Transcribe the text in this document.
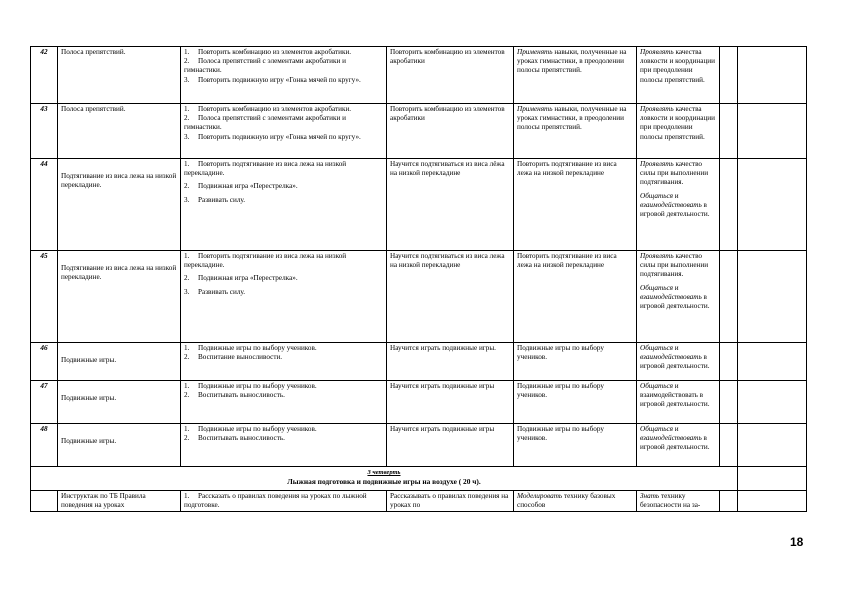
42	Полоса препятствий.	1. Повторить комбинацию из элементов акробатики.
2. Полоса препятствий с элементами акробатики и гимнастики.
3. Повторить подвижную игру «Гонка мячей по кругу».	Повторить комбинацию из элементов акробатики	Применять навыки, полученные на уроках гимнастики, в преодолении полосы препятствий.	Проявлять качества ловкости и координации при преодолении полосы препятствий.		

43	Полоса препятствий.	1. Повторить комбинацию из элементов акробатики.
2. Полоса препятствий с элементами акробатики и гимнастики.
3. Повторить подвижную игру «Гонка мячей по кругу».	Повторить комбинацию из элементов акробатики	Применять навыки, полученные на уроках гимнастики, в преодолении полосы препятствий.	Проявлять качества ловкости и координации при преодолении полосы препятствий.		

44	Подтягивание из виса лежа на низкой перекладине.	1. Повторить подтягивание из виса лежа на низкой перекладине.
2. Подвижная игра «Перестрелка».
3. Развивать силу.	Научится подтягиваться из виса лёжа на низкой перекладине	Повторить подтягивание из виса лежа на низкой перекладине	Проявлять качество силы при выполнении подтягивания.
Общаться и
взаимодействовать в игровой деятельности.		

45	Подтягивание из виса лежа на низкой перекладине.	1. Повторить подтягивание из виса лежа на низкой перекладине.
2. Подвижная игра «Перестрелка».
3. Развивать силу.	Научится подтягиваться из виса лежа на низкой перекладине	Повторить подтягивание из виса лежа на низкой перекладине	Проявлять качество силы при выполнении подтягивания.
Общаться и
взаимодействовать в игровой деятельности.		

46	Подвижные игры.	1. Подвижные игры по выбору учеников.
2. Воспитание выносливости.	Научится играть подвижные игры.	Подвижные игры по выбору учеников.	Общаться и
взаимодействовать в игровой деятельности.		

47	Подвижные игры.	1. Подвижные игры по выбору учеников.
2. Воспитывать выносливость.	Научится играть подвижные игры	Подвижные игры по выбору учеников.	Общаться и взаимодействовать в игровой деятельности.		

48	Подвижные игры.	1. Подвижные игры по выбору учеников.
2. Воспитывать выносливость.	Научится играть подвижные игры	Подвижные игры по выбору учеников.	Общаться и
взаимодействовать в игровой деятельности.		

3 четверть
Лыжная подготовка и подвижные игры на воздухе ( 20 ч).							
	Инструктаж по ТБ Правила поведения на уроках	1. Рассказать о правилах поведения на уроках по лыжной подготовке.	Рассказывать о правилах поведения на уроках по	Моделировать технику базовых способов	Знать технику безопасности на за-		
18
